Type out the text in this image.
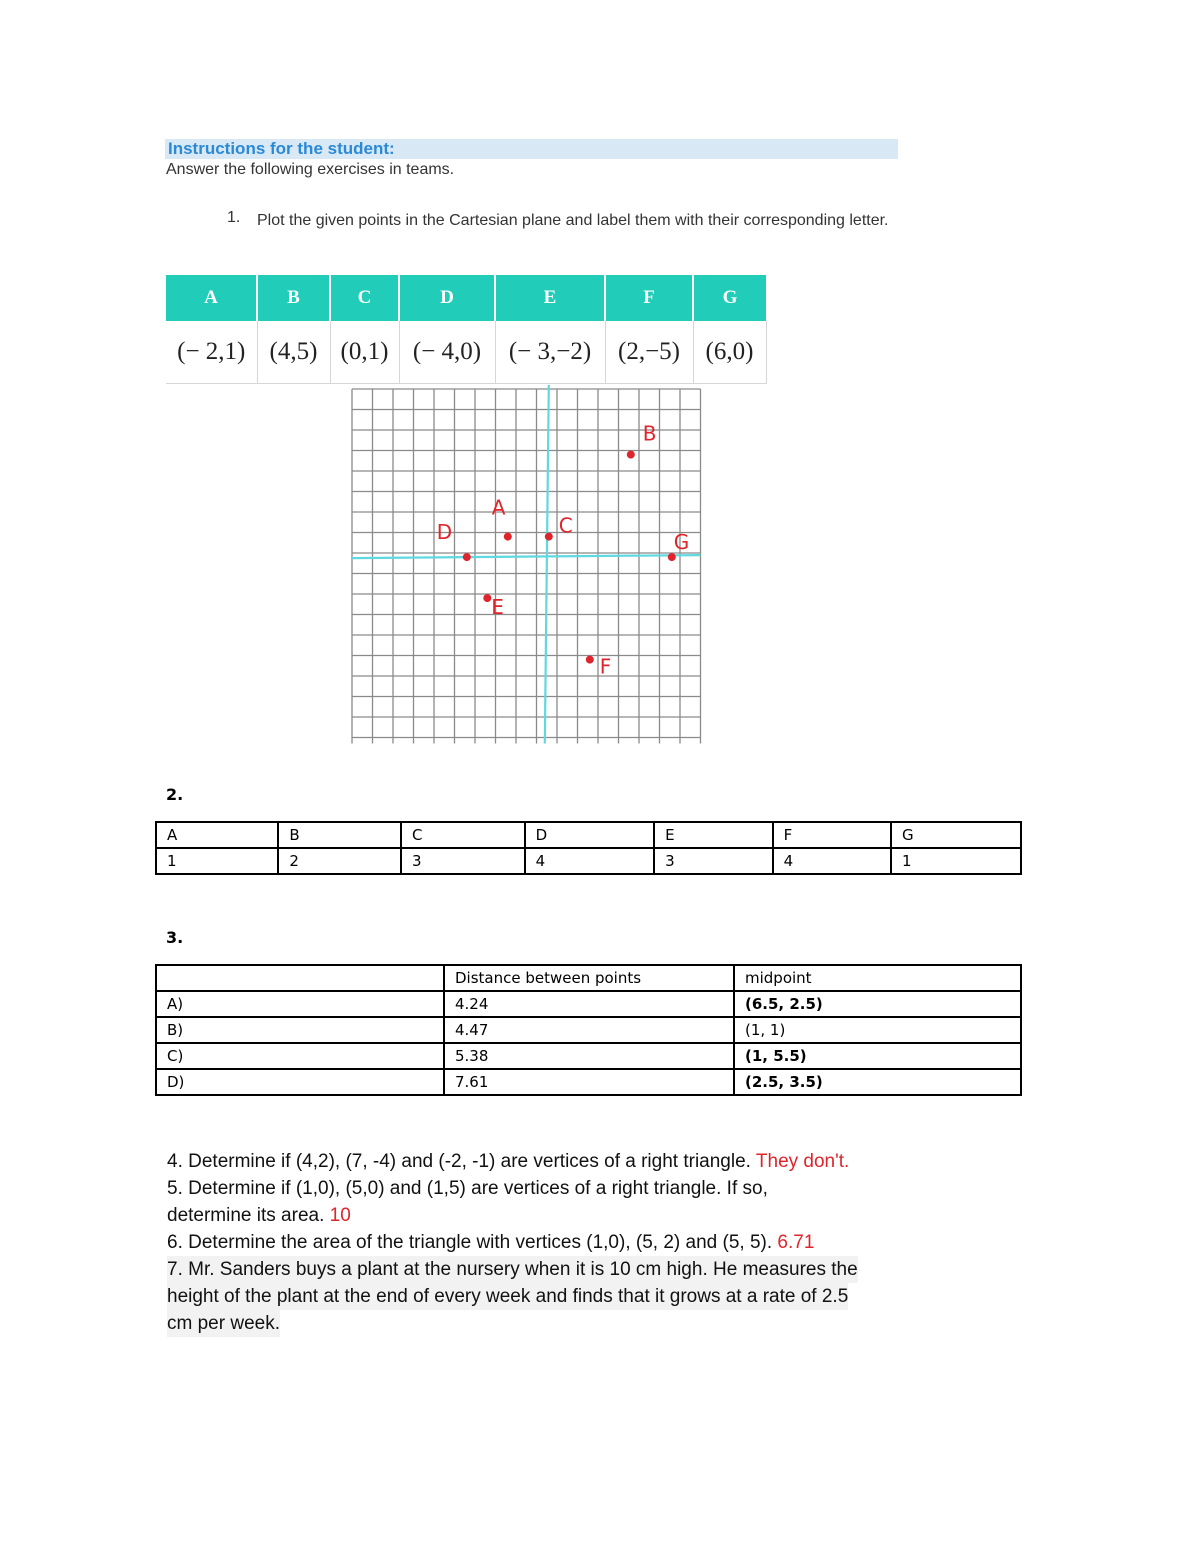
Instructions for the student:
Answer the following exercises in teams.
1. Plot the given points in the Cartesian plane and label them with their corresponding letter.
A	B	C	D	E	F	G
(− 2,1)	(4,5)	(0,1)	(− 4,0)	(− 3,−2)	(2,−5)	(6,0)
A
B
C
D
E
F
G
2.
A	B	C	D	E	F	G
1	2	3	4	3	4	1
3.
	Distance between points	midpoint
A)	4.24	(6.5, 2.5)
B)	4.47	(1, 1)
C)	5.38	(1, 5.5)
D)	7.61	(2.5, 3.5)
4. Determine if (4,2), (7, -4) and (-2, -1) are vertices of a right triangle. They don't.
5. Determine if (1,0), (5,0) and (1,5) are vertices of a right triangle. If so,
determine its area. 10
6. Determine the area of the triangle with vertices (1,0), (5, 2) and (5, 5). 6.71
7. Mr. Sanders buys a plant at the nursery when it is 10 cm high. He measures the
height of the plant at the end of every week and finds that it grows at a rate of 2.5
cm per week.
